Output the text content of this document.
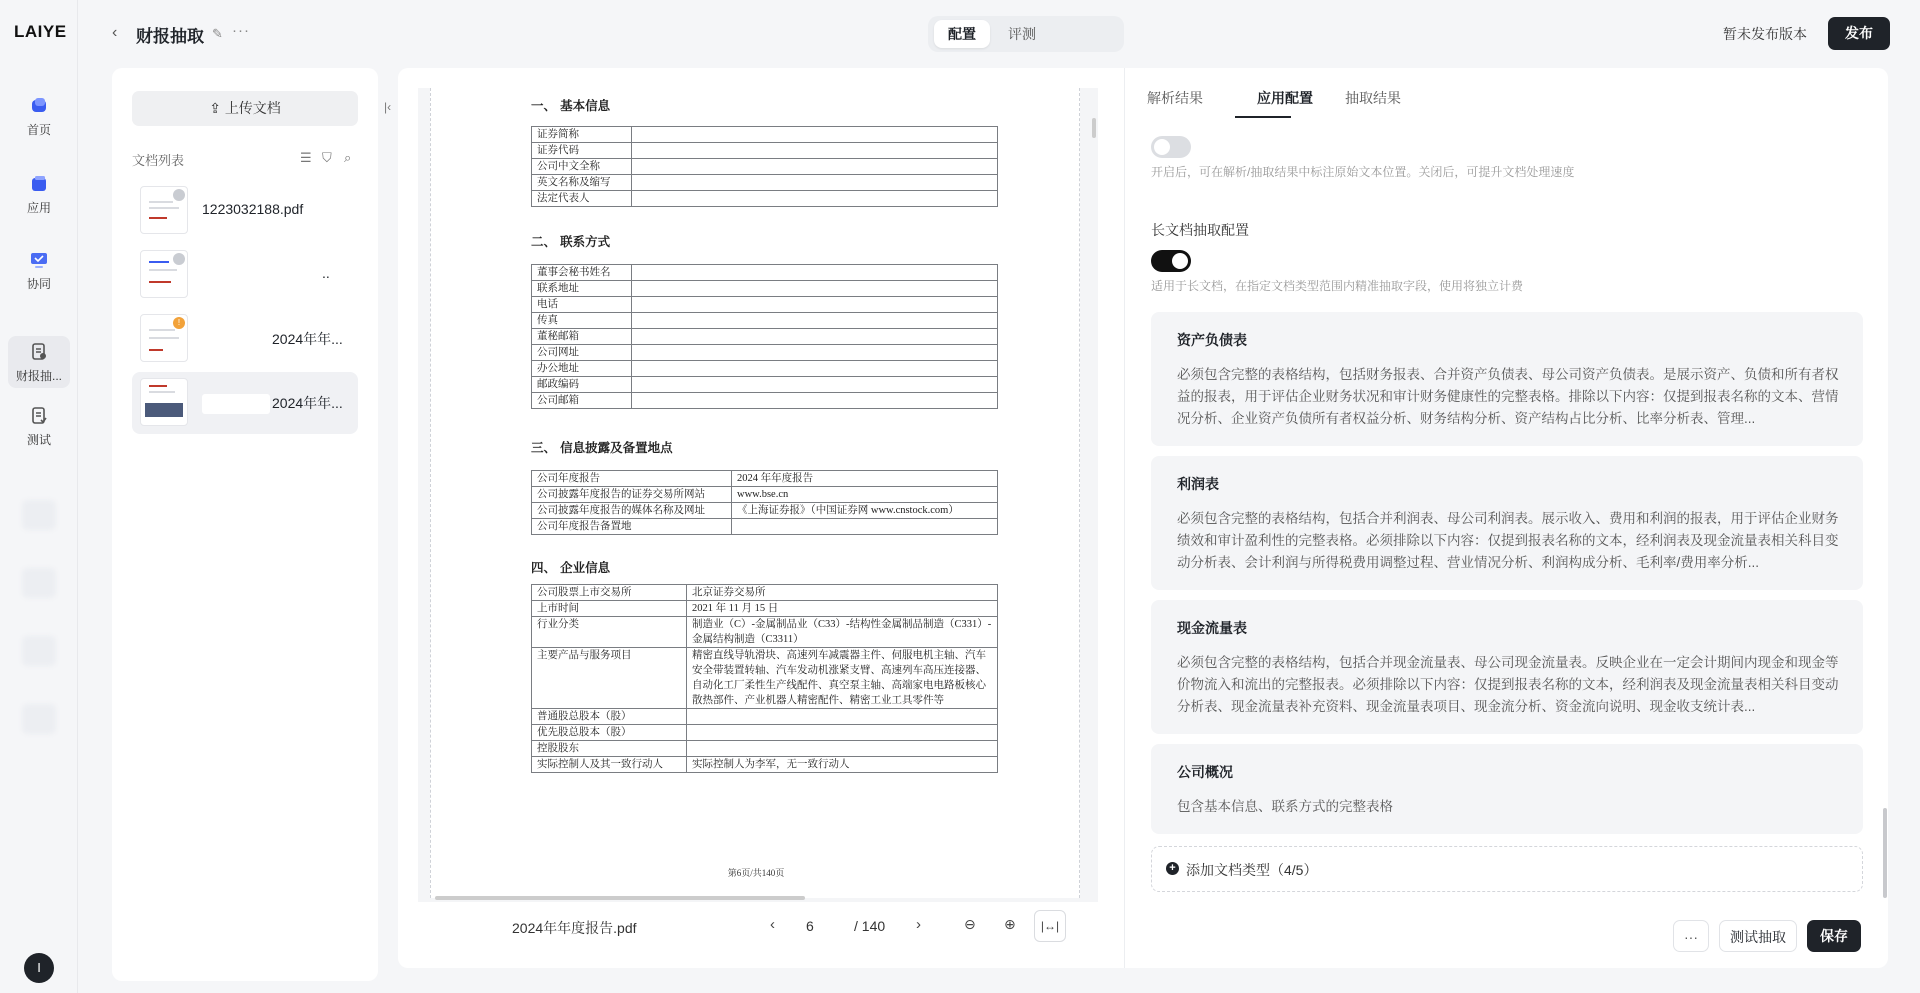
LAIYE
首页
应用
协同
财报抽...
测试
I
‹ 财报抽取 ✎ ···	配置	评测	暂未发布版本	发布
⇪ 上传文档
文档列表	☰ ⛉ ⌕
1223032188.pdf
..
!
2024年年...
2024年年...
|‹	一、 基本信息
证券简称	
证券代码	
公司中文全称	
英文名称及缩写	
法定代表人	
二、 联系方式
董事会秘书姓名	
联系地址	
电话	
传真	
董秘邮箱	
公司网址	
办公地址	
邮政编码	
公司邮箱	
三、 信息披露及备置地点
公司年度报告	2024 年年度报告
公司披露年度报告的证券交易所网站	www.bse.cn
公司披露年度报告的媒体名称及网址	《上海证券报》（中国证券网 www.cnstock.com）
公司年度报告备置地	
四、 企业信息
公司股票上市交易所	北京证券交易所
上市时间	2021 年 11 月 15 日
行业分类	制造业（C）-金属制品业（C33）-结构性金属制品制造（C331）-金属结构制造（C3311）
主要产品与服务项目	精密直线导轨滑块、高速列车减震器主件、伺服电机主轴、汽车安全带装置转轴、汽车发动机涨紧支臂、高速列车高压连接器、自动化工厂柔性生产线配件、真空泵主轴、高端家电电路板核心散热部件、产业机器人精密配件、精密工业工具零件等
普通股总股本（股）	
优先股总股本（股）	
控股股东	
实际控制人及其一致行动人	实际控制人为李军，无一致行动人
第6页/共140页
2024年年度报告.pdf	‹ 6	/ 140 ›	⊖ ⊕	|↔|
解析结果	应用配置 抽取结果
开启后，可在解析/抽取结果中标注原始文本位置。关闭后，可提升文档处理速度
长文档抽取配置
适用于长文档，在指定文档类型范围内精准抽取字段，使用将独立计费
资产负债表
必须包含完整的表格结构，包括财务报表、合并资产负债表、母公司资产负债表。是展示资产、负债和所有者权益的报表，用于评估企业财务状况和审计财务健康性的完整表格。排除以下内容：仅提到报表名称的文本、营情况分析、企业资产负债所有者权益分析、财务结构分析、资产结构占比分析、比率分析表、管理...
利润表
必须包含完整的表格结构，包括合并利润表、母公司利润表。展示收入、费用和利润的报表，用于评估企业财务绩效和审计盈利性的完整表格。必须排除以下内容：仅提到报表名称的文本，经利润表及现金流量表相关科目变动分析表、会计利润与所得税费用调整过程、营业情况分析、利润构成分析、毛利率/费用率分析...
现金流量表
必须包含完整的表格结构，包括合并现金流量表、母公司现金流量表。反映企业在一定会计期间内现金和现金等价物流入和流出的完整报表。必须排除以下内容：仅提到报表名称的文本，经利润表及现金流量表相关科目变动分析表、现金流量表补充资料、现金流量表项目、现金流分析、资金流向说明、现金收支统计表...
公司概况
包含基本信息、联系方式的完整表格
+ 添加文档类型（4/5）
···	测试抽取	保存
